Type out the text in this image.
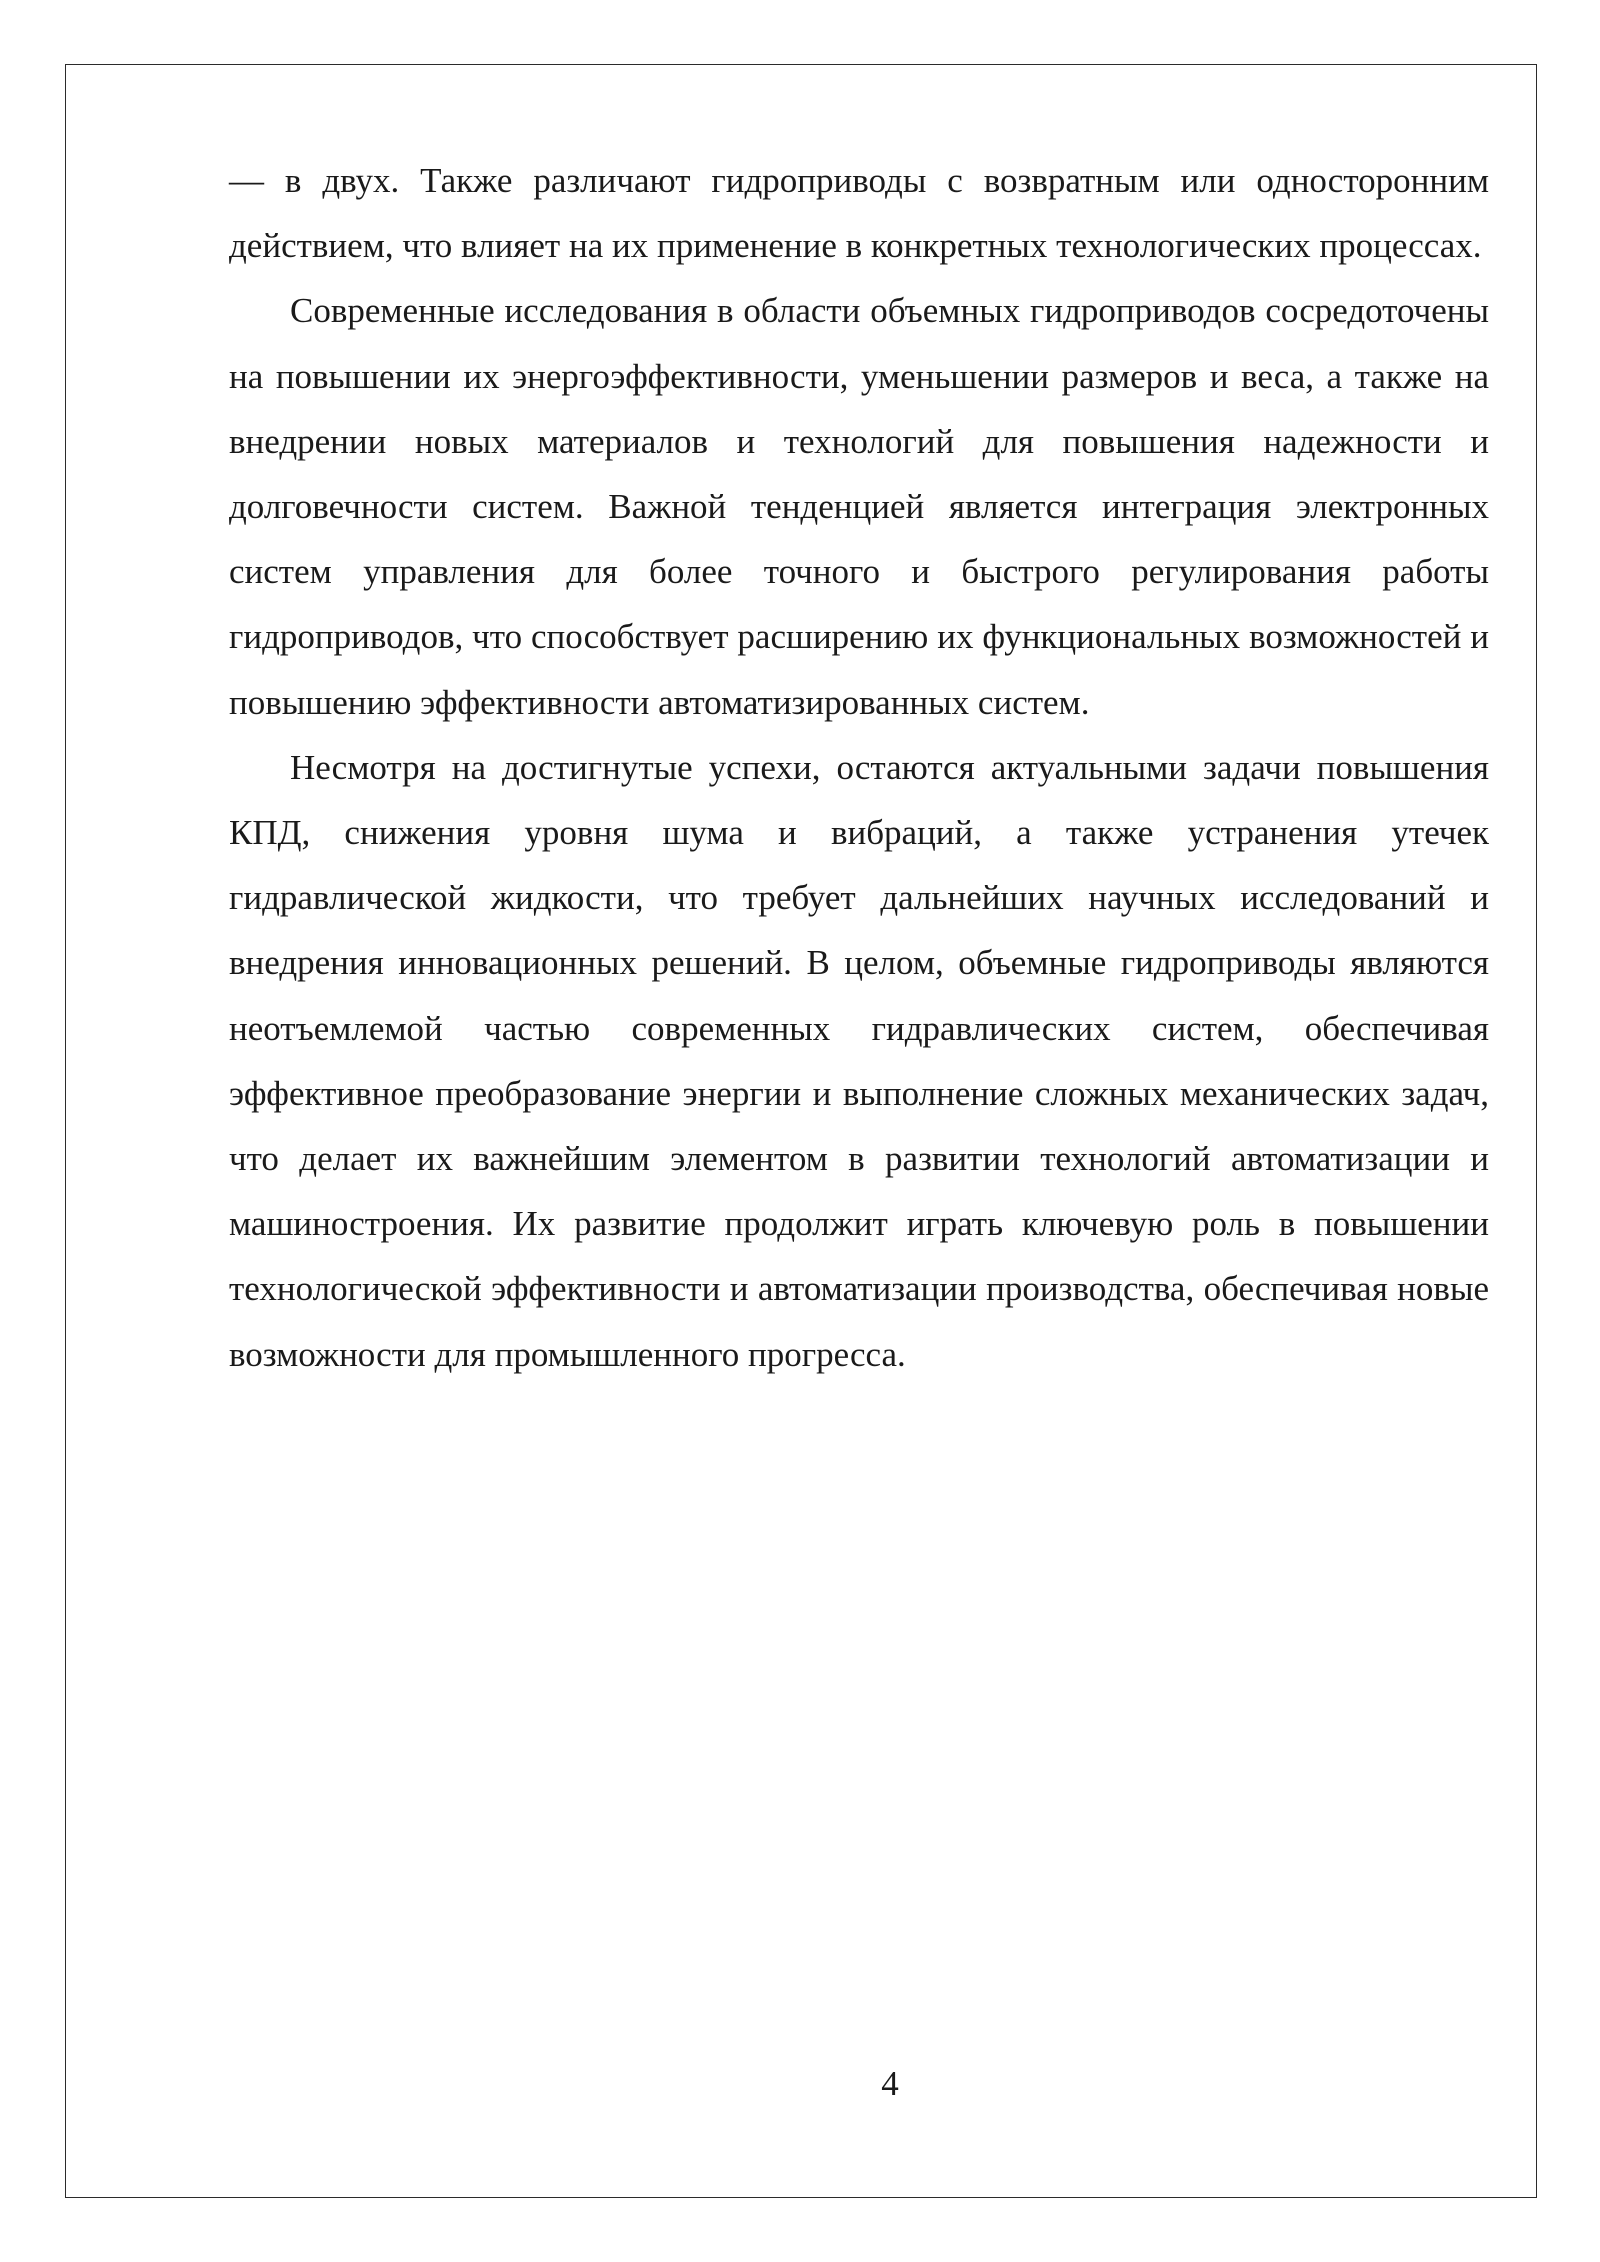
— в двух. Также различают гидроприводы с возвратным или односторонним действием, что влияет на их применение в конкретных технологических процессах.

Современные исследования в области объемных гидроприводов сосредоточены на повышении их энергоэффективности, уменьшении размеров и веса, а также на внедрении новых материалов и технологий для повышения надежности и долговечности систем. Важной тенденцией является интеграция электронных систем управления для более точного и быстрого регулирования работы гидроприводов, что способствует расширению их функциональных возможностей и повышению эффективности автоматизированных систем.

Несмотря на достигнутые успехи, остаются актуальными задачи повышения КПД, снижения уровня шума и вибраций, а также устранения утечек гидравлической жидкости, что требует дальнейших научных исследований и внедрения инновационных решений. В целом, объемные гидроприводы являются неотъемлемой частью современных гидравлических систем, обеспечивая эффективное преобразование энергии и выполнение сложных механических задач, что делает их важнейшим элементом в развитии технологий автоматизации и машиностроения. Их развитие продолжит играть ключевую роль в повышении технологической эффективности и автоматизации производства, обеспечивая новые возможности для промышленного прогресса.

4
